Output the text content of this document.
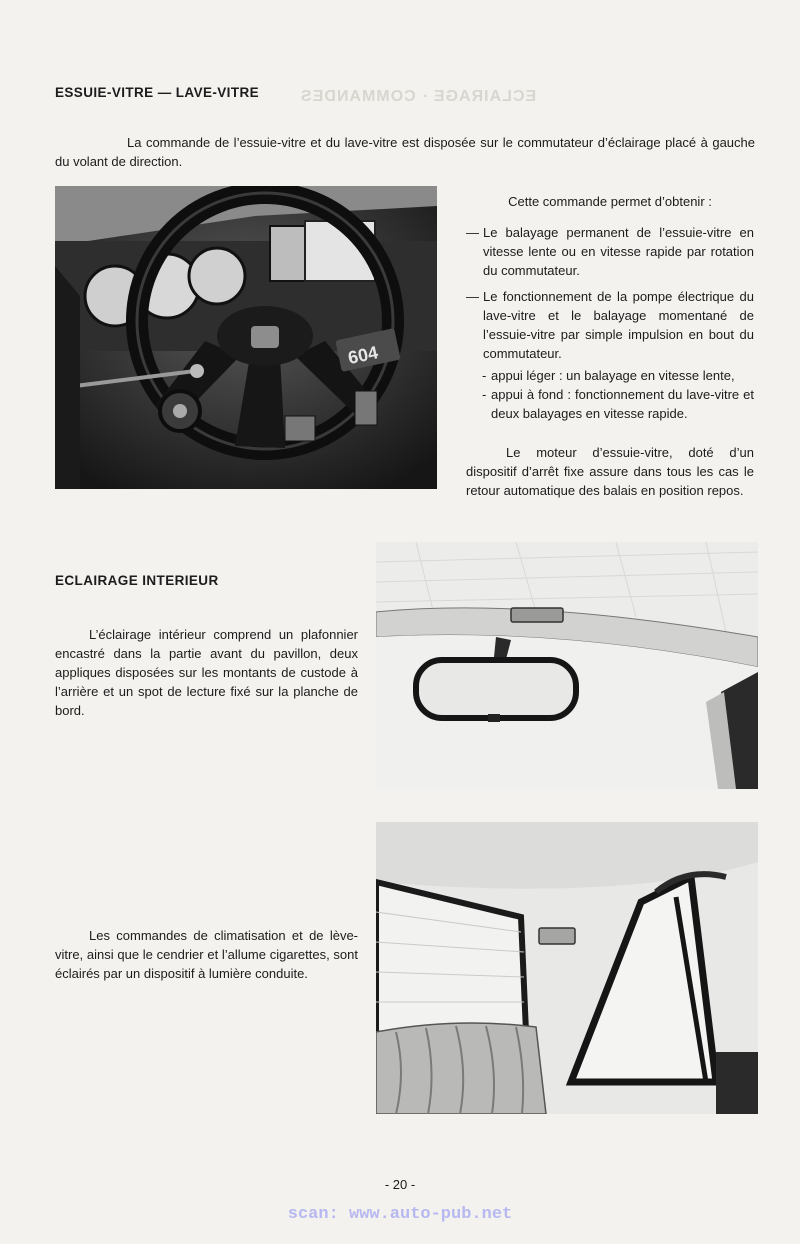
ECLAIRAGE · COMMANDES
ESSUIE-VITRE — LAVE-VITRE
La commande de l’essuie-vitre et du lave-vitre est disposée sur le commutateur d’éclairage placé à gauche du volant de direction.
604

Cette commande permet d’obtenir :

— Le balayage permanent de l’essuie-vitre en vitesse lente ou en vitesse rapide par rotation du commutateur.

— Le fonctionnement de la pompe électrique du lave-vitre et le balayage momentané de l’essuie-vitre par simple impulsion en bout du commutateur.

- appui léger : un balayage en vitesse lente,

- appui à fond : fonctionnement du lave-vitre et deux balayages en vitesse rapide.

Le moteur d’essuie-vitre, doté d’un dispositif d’arrêt fixe assure dans tous les cas le retour automatique des balais en position repos.

ECLAIRAGE INTERIEUR
L’éclairage intérieur comprend un plafonnier encastré dans la partie avant du pavillon, deux appliques disposées sur les montants de custode à l’arrière et un spot de lecture fixé sur la planche de bord.
Les commandes de climatisation et de lève-vitre, ainsi que le cendrier et l’allume cigarettes, sont éclairés par un dispositif à lumière conduite.
- 20 -
scan: www.auto-pub.net
